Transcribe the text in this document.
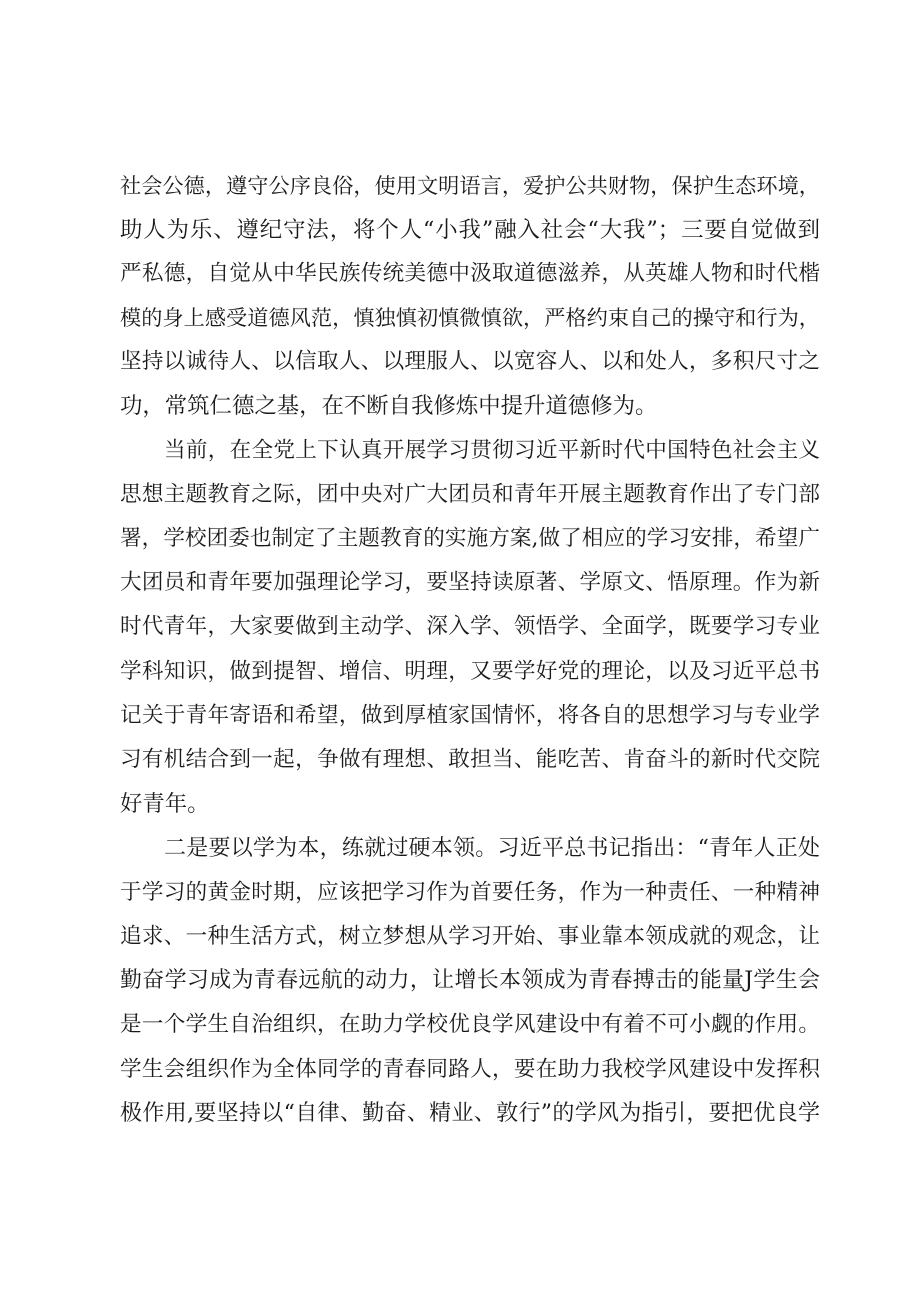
社会公德，遵守公序良俗，使用文明语言，爱护公共财物，保护生态环境，
助人为乐、遵纪守法，将个人“小我”融入社会“大我”；三要自觉做到
严私德，自觉从中华民族传统美德中汲取道德滋养，从英雄人物和时代楷
模的身上感受道德风范，慎独慎初慎微慎欲，严格约束自己的操守和行为，
坚持以诚待人、以信取人、以理服人、以宽容人、以和处人，多积尺寸之
功，常筑仁德之基，在不断自我修炼中提升道德修为。
当前，在全党上下认真开展学习贯彻习近平新时代中国特色社会主义
思想主题教育之际，团中央对广大团员和青年开展主题教育作出了专门部
署，学校团委也制定了主题教育的实施方案,做了相应的学习安排，希望广
大团员和青年要加强理论学习，要坚持读原著、学原文、悟原理。作为新
时代青年，大家要做到主动学、深入学、领悟学、全面学，既要学习专业
学科知识，做到提智、增信、明理，又要学好党的理论，以及习近平总书
记关于青年寄语和希望，做到厚植家国情怀，将各自的思想学习与专业学
习有机结合到一起，争做有理想、敢担当、能吃苦、肯奋斗的新时代交院
好青年。
二是要以学为本，练就过硬本领。习近平总书记指出：“青年人正处
于学习的黄金时期，应该把学习作为首要任务，作为一种责任、一种精神
追求、一种生活方式，树立梦想从学习开始、事业靠本领成就的观念，让
勤奋学习成为青春远航的动力，让增长本领成为青春搏击的能量J学生会
是一个学生自治组织，在助力学校优良学风建设中有着不可小觑的作用。
学生会组织作为全体同学的青春同路人，要在助力我校学风建设中发挥积
极作用,要坚持以“自律、勤奋、精业、敦行”的学风为指引，要把优良学
